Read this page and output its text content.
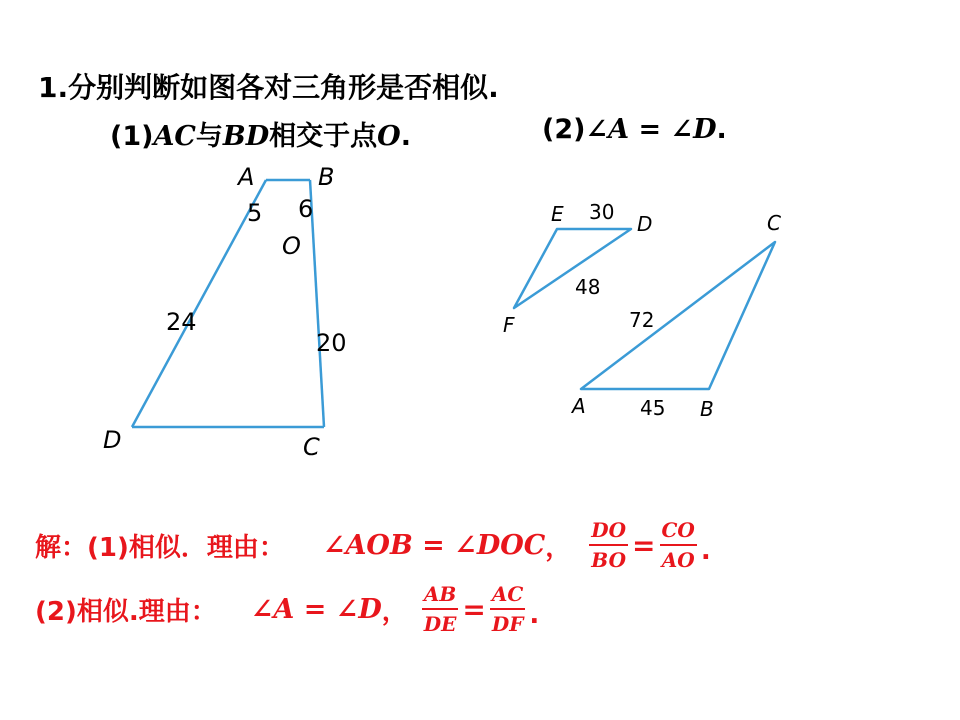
1.分别判断如图各对三角形是否相似.
(1)AC与BD相交于点O.	(2)∠A = ∠D.
A	B
O
D	C
5 6
24
20
E 30 D	C
48
F	72
A	45 B
解：(1)相似．理由： ∠AOB = ∠DOC ， $\frac{DO}{BO} = \frac{CO}{AO}$ .
(2)相似.理由： ∠A = ∠D ， $\frac{AB}{DE} = \frac{AC}{DF}$ .
